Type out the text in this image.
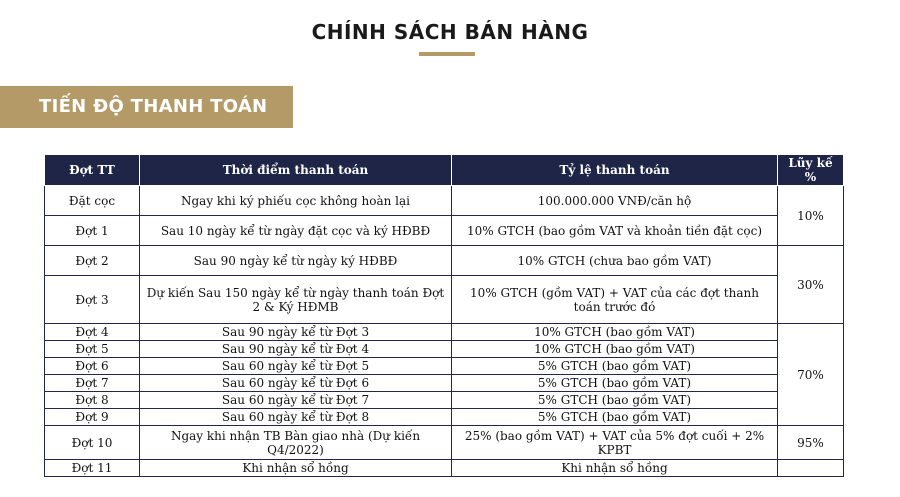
CHÍNH SÁCH BÁN HÀNG
TIẾN ĐỘ THANH TOÁN
Đợt TT	Thời điểm thanh toán	Tỷ lệ thanh toán	Lũy kế %
Đặt cọc	Ngay khi ký phiếu cọc không hoàn lại	100.000.000 VNĐ/căn hộ	10%
Đợt 1	Sau 10 ngày kể từ ngày đặt cọc và ký HĐBĐ	10% GTCH (bao gồm VAT và khoản tiền đặt cọc)	
Đợt 2	Sau 90 ngày kể từ ngày ký HĐBĐ	10% GTCH (chưa bao gồm VAT)	30%
Đợt 3	Dự kiến Sau 150 ngày kể từ ngày thanh toán Đợt 2 & Ký HĐMB	10% GTCH (gồm VAT) + VAT của các đợt thanh toán trước đó	
Đợt 4	Sau 90 ngày kể từ Đợt 3	10% GTCH (bao gồm VAT)	70%
Đợt 5	Sau 90 ngày kể từ Đợt 4	10% GTCH (bao gồm VAT)	
Đợt 6	Sau 60 ngày kể từ Đợt 5	5% GTCH (bao gồm VAT)	
Đợt 7	Sau 60 ngày kể từ Đợt 6	5% GTCH (bao gồm VAT)	
Đợt 8	Sau 60 ngày kể từ Đợt 7	5% GTCH (bao gồm VAT)	
Đợt 9	Sau 60 ngày kể từ Đợt 8	5% GTCH (bao gồm VAT)	
Đợt 10	Ngay khi nhận TB Bàn giao nhà (Dự kiến Q4/2022)	25% (bao gồm VAT) + VAT của 5% đợt cuối + 2% KPBT	95%
Đợt 11	Khi nhận sổ hồng	Khi nhận sổ hồng	
